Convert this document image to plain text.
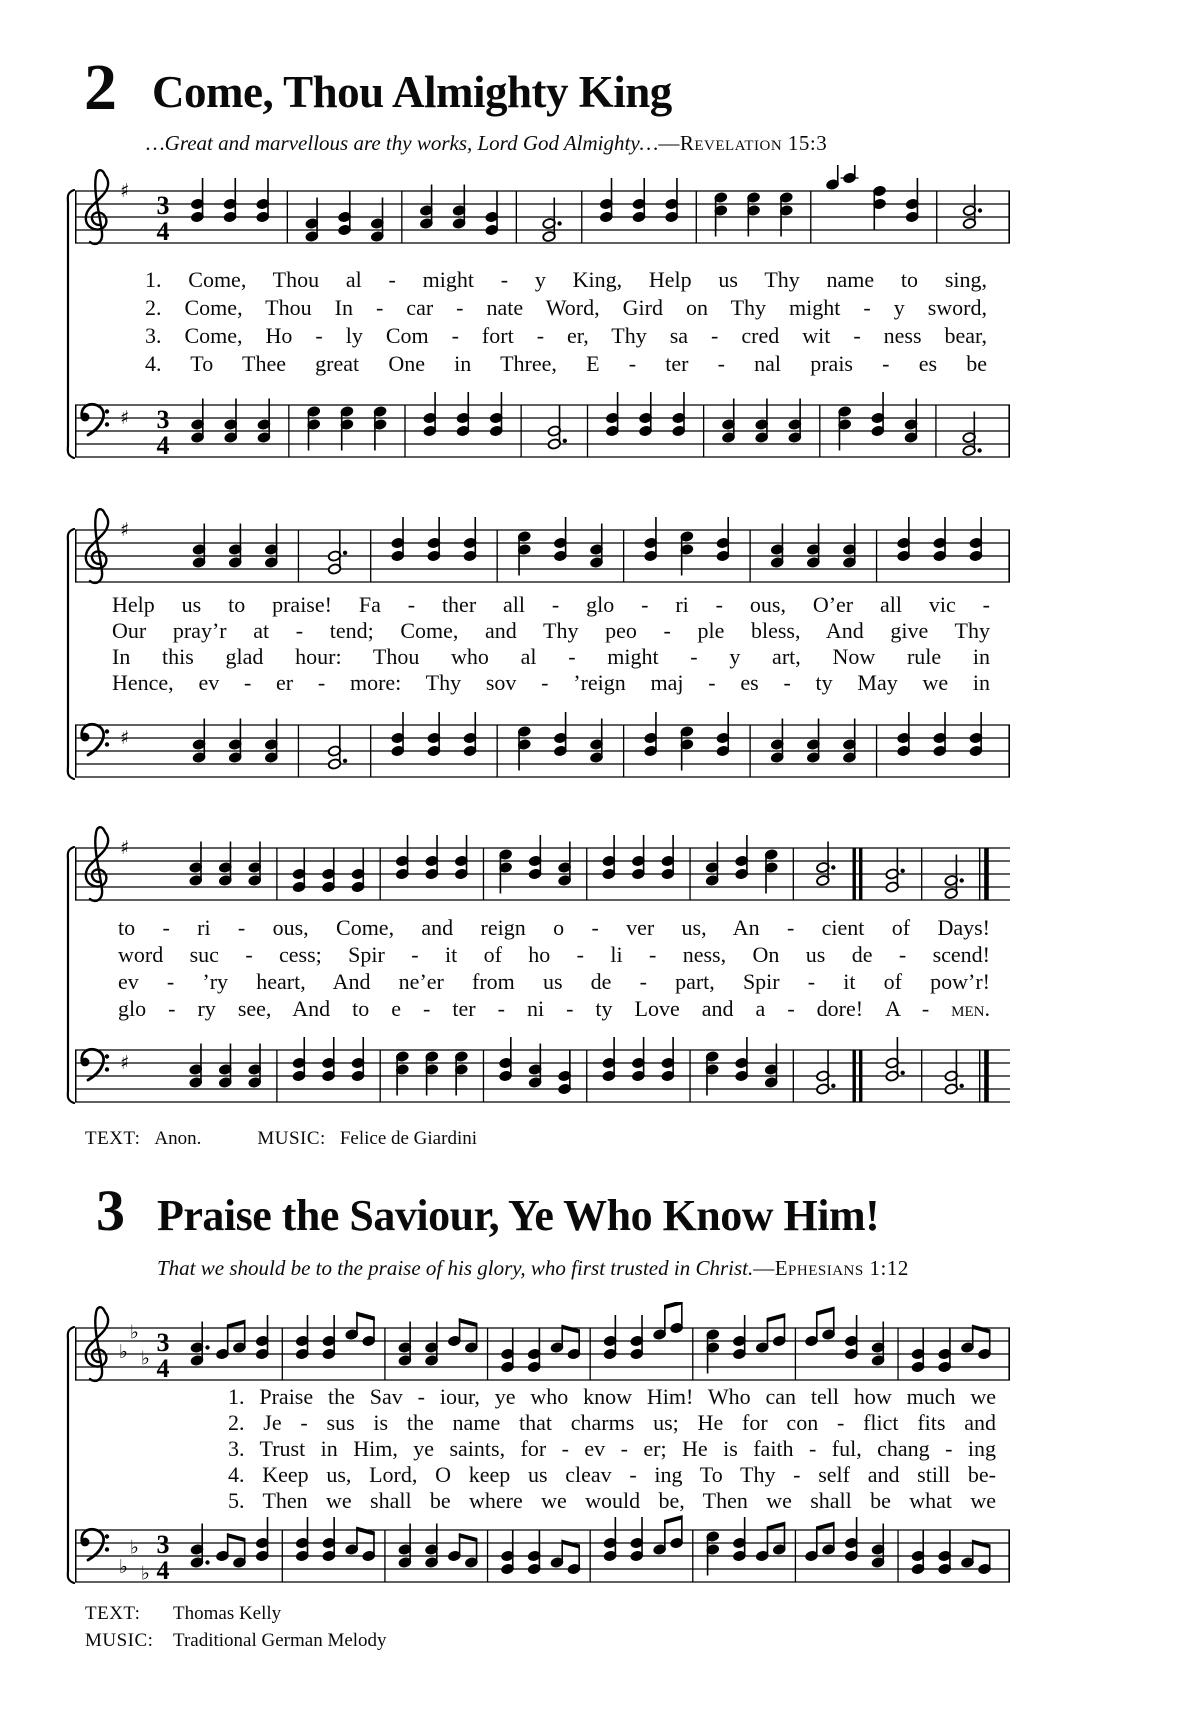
2 Come, Thou Almighty King
…Great and marvellous are thy works, Lord God Almighty…—Revelation 15:3
♯ 3
4
1. Come, Thou al - might - y King, Help us Thy name to sing,
2. Come, Thou In - car - nate Word, Gird on Thy might - y sword,
3. Come, Ho - ly Com - fort - er, Thy sa - cred wit - ness bear,
4. To Thee great One in Three, E - ter - nal prais - es be
♯ 3
4
♯
Help us to praise! Fa - ther all - glo - ri - ous, O’er all vic -
Our pray’r at - tend; Come, and Thy peo - ple bless, And give Thy
In this glad hour: Thou who al - might - y art, Now rule in
Hence, ev - er - more: Thy sov - ’reign maj - es - ty May we in
♯
♯
to - ri - ous, Come, and reign o - ver us, An - cient of Days!
word suc - cess; Spir - it of ho - li - ness, On us de - scend!
ev - ’ry heart, And ne’er from us de - part, Spir - it of pow’r!
glo - ry see, And to e - ter - ni - ty Love and a - dore! A - men.
♯
TEXT: Anon.	MUSIC: Felice de Giardini
3 Praise the Saviour, Ye Who Know Him!
That we should be to the praise of his glory, who first trusted in Christ.—Ephesians 1:12
♭
♭
♭
3
4
1. Praise the Sav - iour, ye who know Him! Who can tell how much we
2. Je - sus is the name that charms us; He for con - flict fits and
3. Trust in Him, ye saints, for - ev - er; He is faith - ful, chang - ing
4. Keep us, Lord, O keep us cleav - ing To Thy - self and still be-
5. Then we shall be where we would be, Then we shall be what we
♭
♭
♭
3
4
TEXT: Thomas Kelly
MUSIC: Traditional German Melody
